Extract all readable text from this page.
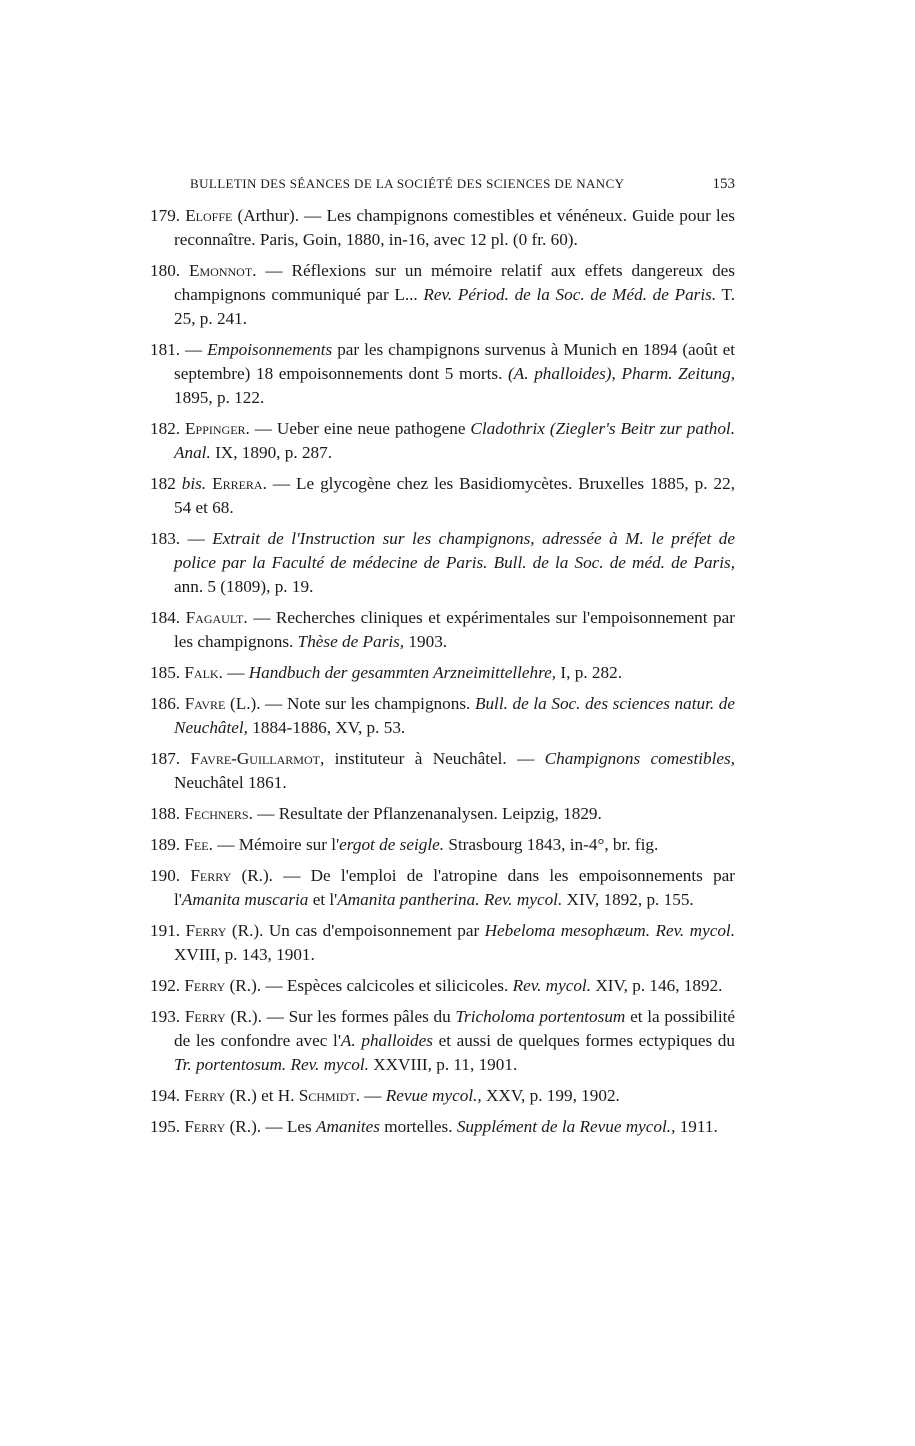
BULLETIN DES SÉANCES DE LA SOCIÉTÉ DES SCIENCES DE NANCY	153
179. Eloffe (Arthur). — Les champignons comestibles et vénéneux. Guide pour les reconnaître. Paris, Goin, 1880, in-16, avec 12 pl. (0 fr. 60).
180. Emonnot. — Réflexions sur un mémoire relatif aux effets dangereux des champignons communiqué par L... Rev. Périod. de la Soc. de Méd. de Paris. T. 25, p. 241.
181. — Empoisonnements par les champignons survenus à Munich en 1894 (août et septembre) 18 empoisonnements dont 5 morts. (A. phalloides), Pharm. Zeitung, 1895, p. 122.
182. Eppinger. — Ueber eine neue pathogene Cladothrix (Ziegler's Beitr zur pathol. Anal. IX, 1890, p. 287.
182 bis. Errera. — Le glycogène chez les Basidiomycètes. Bruxelles 1885, p. 22, 54 et 68.
183. — Extrait de l'Instruction sur les champignons, adressée à M. le préfet de police par la Faculté de médecine de Paris. Bull. de la Soc. de méd. de Paris, ann. 5 (1809), p. 19.
184. Fagault. — Recherches cliniques et expérimentales sur l'empoisonnement par les champignons. Thèse de Paris, 1903.
185. Falk. — Handbuch der gesammten Arzneimittellehre, I, p. 282.
186. Favre (L.). — Note sur les champignons. Bull. de la Soc. des sciences natur. de Neuchâtel, 1884-1886, XV, p. 53.
187. Favre-Guillarmot, instituteur à Neuchâtel. — Champignons comestibles, Neuchâtel 1861.
188. Fechners. — Resultate der Pflanzenanalysen. Leipzig, 1829.
189. Fee. — Mémoire sur l'ergot de seigle. Strasbourg 1843, in-4°, br. fig.
190. Ferry (R.). — De l'emploi de l'atropine dans les empoisonnements par l'Amanita muscaria et l'Amanita pantherina. Rev. mycol. XIV, 1892, p. 155.
191. Ferry (R.). Un cas d'empoisonnement par Hebeloma mesophæum. Rev. mycol. XVIII, p. 143, 1901.
192. Ferry (R.). — Espèces calcicoles et silicicoles. Rev. mycol. XIV, p. 146, 1892.
193. Ferry (R.). — Sur les formes pâles du Tricholoma portentosum et la possibilité de les confondre avec l'A. phalloides et aussi de quelques formes ectypiques du Tr. portentosum. Rev. mycol. XXVIII, p. 11, 1901.
194. Ferry (R.) et H. Schmidt. — Revue mycol., XXV, p. 199, 1902.
195. Ferry (R.). — Les Amanites mortelles. Supplément de la Revue mycol., 1911.
